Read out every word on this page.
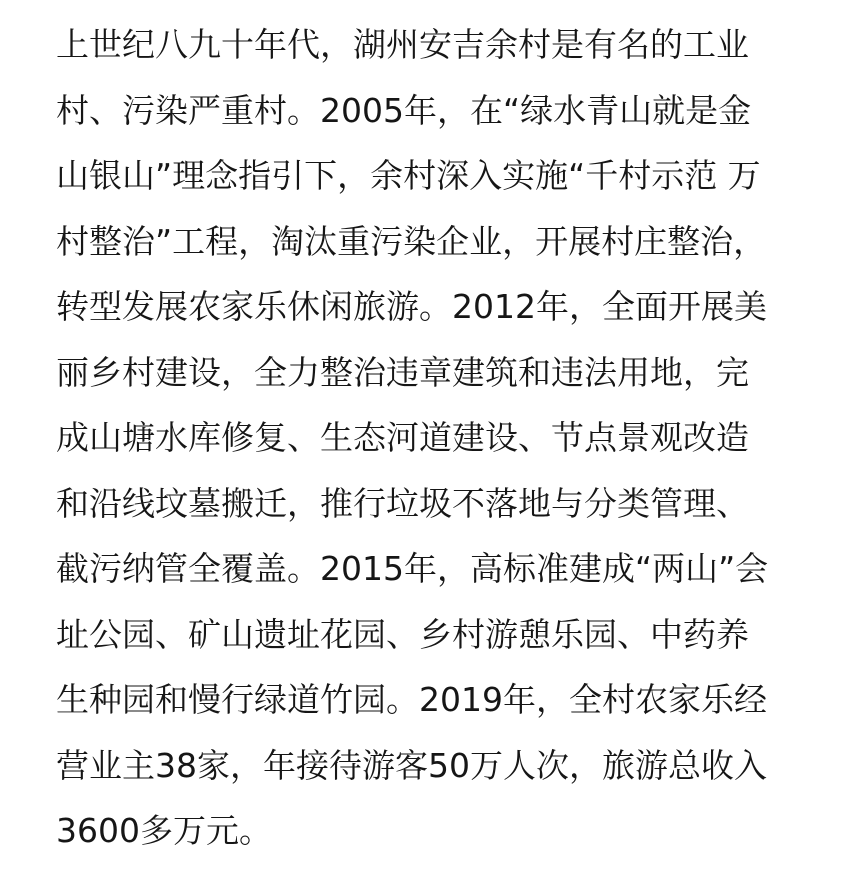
上世纪八九十年代，湖州安吉余村是有名的工业
村、污染严重村。2005年，在“绿水青山就是金
山银山”理念指引下，余村深入实施“千村示范 万
村整治”工程，淘汰重污染企业，开展村庄整治，
转型发展农家乐休闲旅游。2012年，全面开展美
丽乡村建设，全力整治违章建筑和违法用地，完
成山塘水库修复、生态河道建设、节点景观改造
和沿线坟墓搬迁，推行垃圾不落地与分类管理、
截污纳管全覆盖。2015年，高标准建成“两山”会
址公园、矿山遗址花园、乡村游憩乐园、中药养
生种园和慢行绿道竹园。2019年，全村农家乐经
营业主38家，年接待游客50万人次，旅游总收入
3600多万元。
